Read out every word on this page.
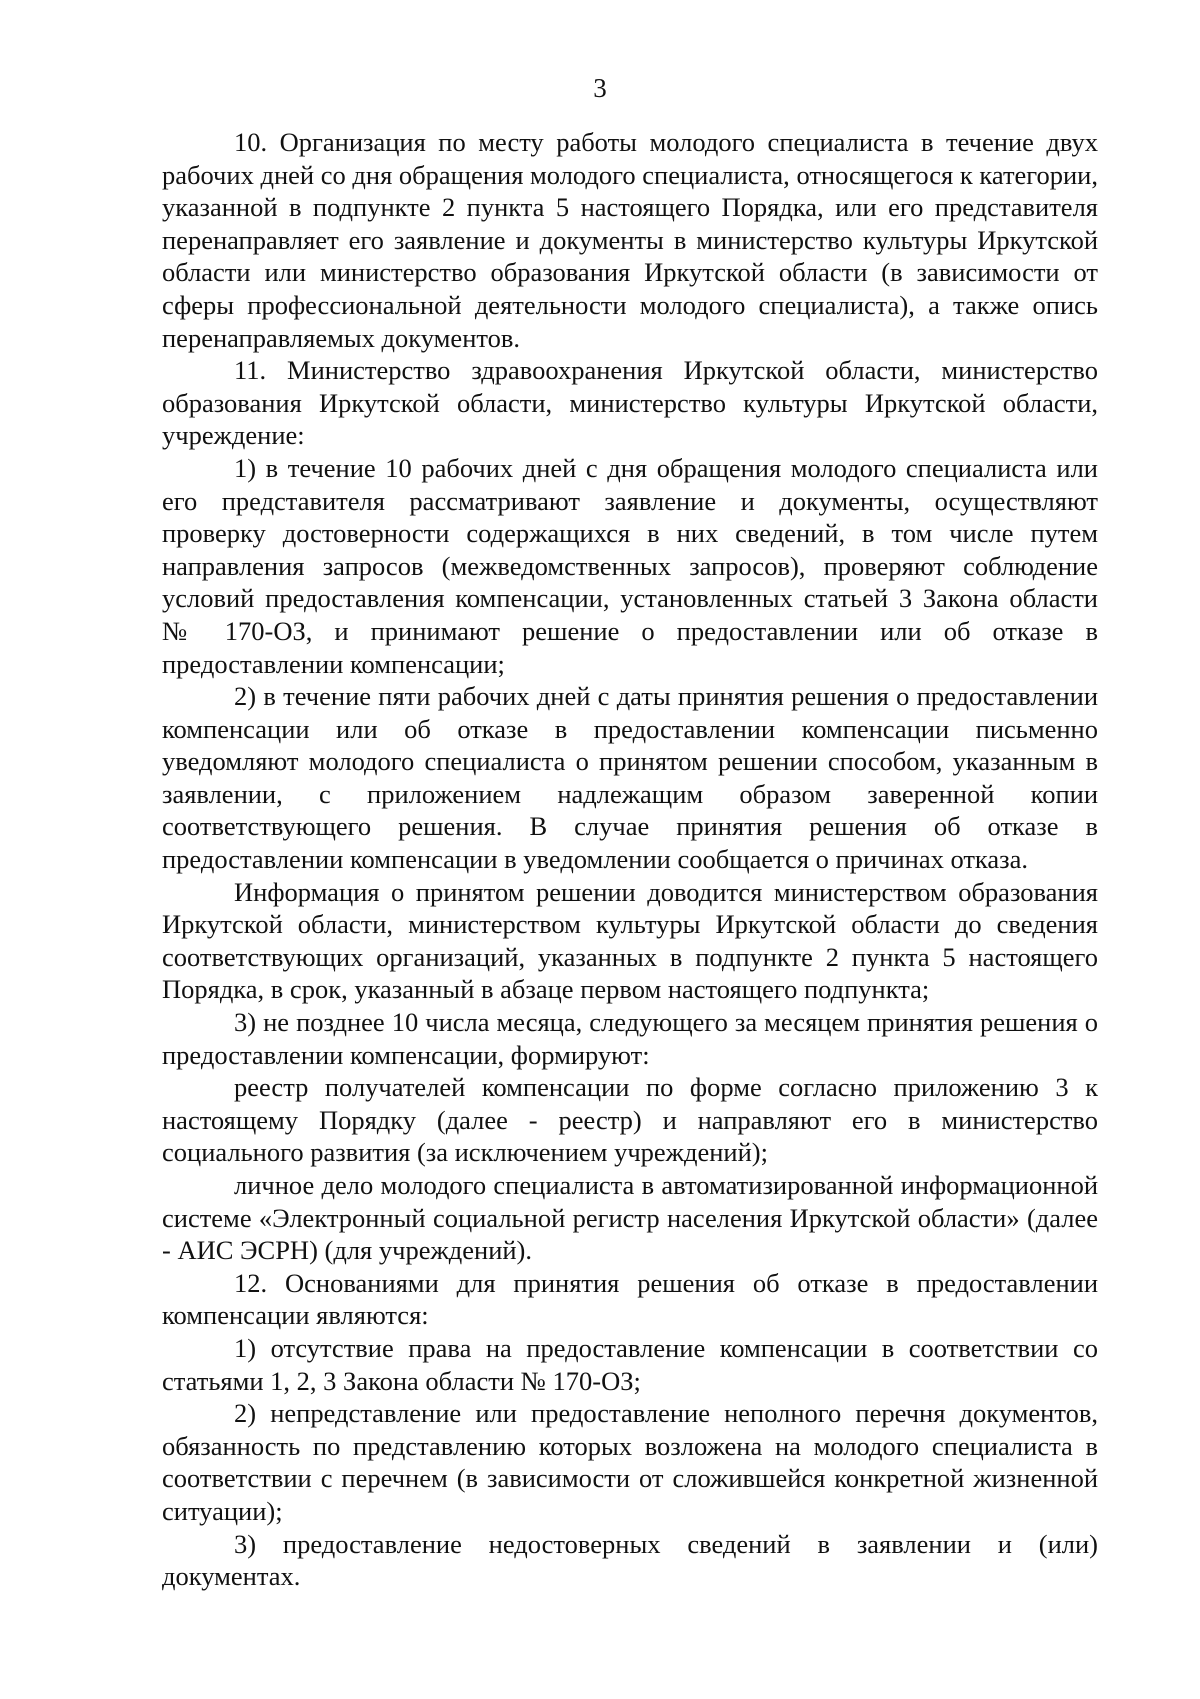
3

10. Организация по месту работы молодого специалиста в течение двух рабочих дней со дня обращения молодого специалиста, относящегося к категории, указанной в подпункте 2 пункта 5 настоящего Порядка, или его представителя перенаправляет его заявление и документы в министерство культуры Иркутской области или министерство образования Иркутской области (в зависимости от сферы профессиональной деятельности молодого специалиста), а также опись перенаправляемых документов.

11. Министерство здравоохранения Иркутской области, министерство образования Иркутской области, министерство культуры Иркутской области, учреждение:

1) в течение 10 рабочих дней с дня обращения молодого специалиста или его представителя рассматривают заявление и документы, осуществляют проверку достоверности содержащихся в них сведений, в том числе путем направления запросов (межведомственных запросов), проверяют соблюдение условий предоставления компенсации, установленных статьей 3 Закона области № 170-ОЗ, и принимают решение о предоставлении или об отказе в предоставлении компенсации;

2) в течение пяти рабочих дней с даты принятия решения о предоставлении компенсации или об отказе в предоставлении компенсации письменно уведомляют молодого специалиста о принятом решении способом, указанным в заявлении, с приложением надлежащим образом заверенной копии соответствующего решения. В случае принятия решения об отказе в предоставлении компенсации в уведомлении сообщается о причинах отказа.

Информация о принятом решении доводится министерством образования Иркутской области, министерством культуры Иркутской области до сведения соответствующих организаций, указанных в подпункте 2 пункта 5 настоящего Порядка, в срок, указанный в абзаце первом настоящего подпункта;

3) не позднее 10 числа месяца, следующего за месяцем принятия решения о предоставлении компенсации, формируют:

реестр получателей компенсации по форме согласно приложению 3 к настоящему Порядку (далее - реестр) и направляют его в министерство социального развития (за исключением учреждений);

личное дело молодого специалиста в автоматизированной информационной системе «Электронный социальной регистр населения Иркутской области» (далее - АИС ЭСРН) (для учреждений).

12. Основаниями для принятия решения об отказе в предоставлении компенсации являются:

1) отсутствие права на предоставление компенсации в соответствии со статьями 1, 2, 3 Закона области № 170-ОЗ;

2) непредставление или предоставление неполного перечня документов, обязанность по представлению которых возложена на молодого специалиста в соответствии с перечнем (в зависимости от сложившейся конкретной жизненной ситуации);

3) предоставление недостоверных сведений в заявлении и (или) документах.
